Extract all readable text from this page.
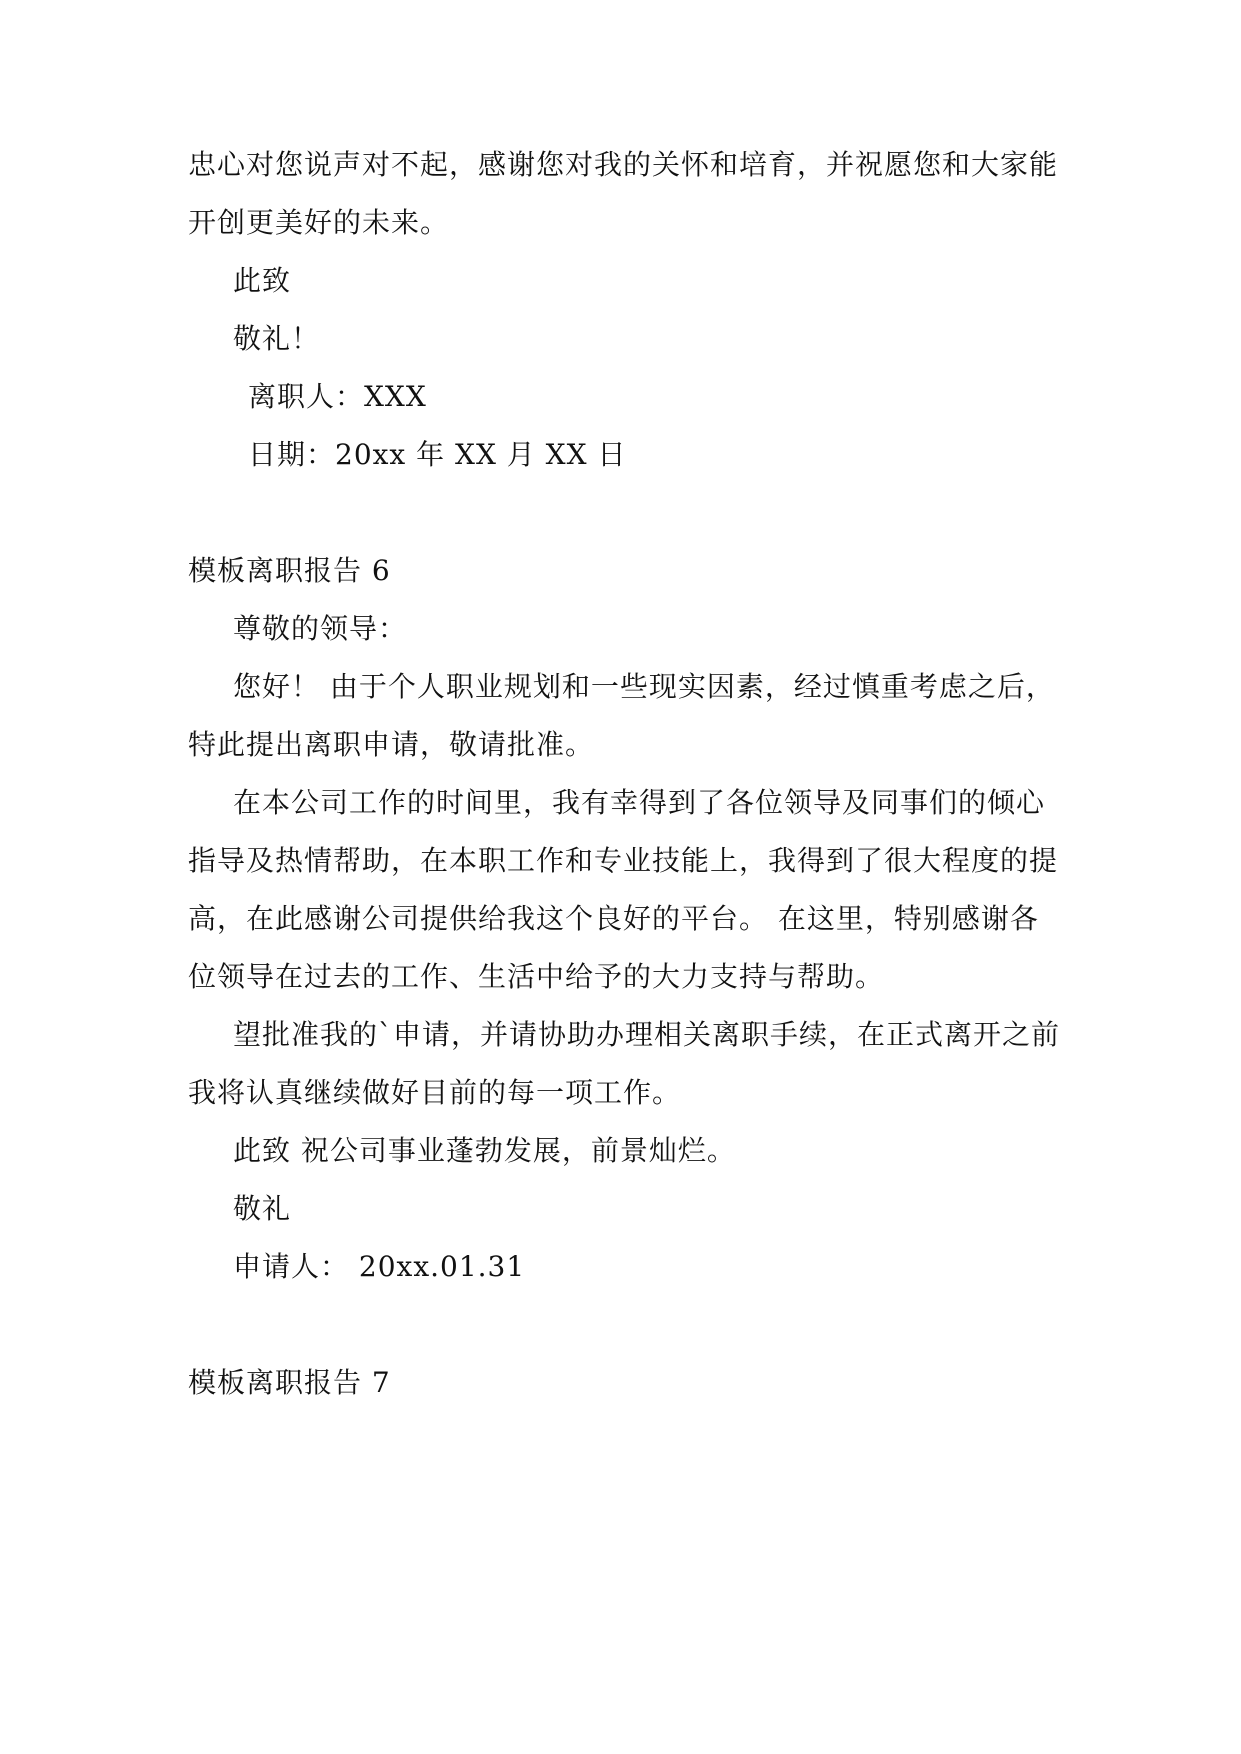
忠心对您说声对不起，感谢您对我的关怀和培育，并祝愿您和大家能
开创更美好的未来。
此致
敬礼！
离职人：XXX
日期：20xx 年 XX 月 XX 日
模板离职报告 6
尊敬的领导：
您好！ 由于个人职业规划和一些现实因素，经过慎重考虑之后，
特此提出离职申请，敬请批准。
在本公司工作的时间里，我有幸得到了各位领导及同事们的倾心
指导及热情帮助，在本职工作和专业技能上，我得到了很大程度的提
高，在此感谢公司提供给我这个良好的平台。 在这里，特别感谢各
位领导在过去的工作、生活中给予的大力支持与帮助。
望批准我的`申请，并请协助办理相关离职手续，在正式离开之前
我将认真继续做好目前的每一项工作。
此致 祝公司事业蓬勃发展，前景灿烂。
敬礼
申请人： 20xx.01.31
模板离职报告 7
